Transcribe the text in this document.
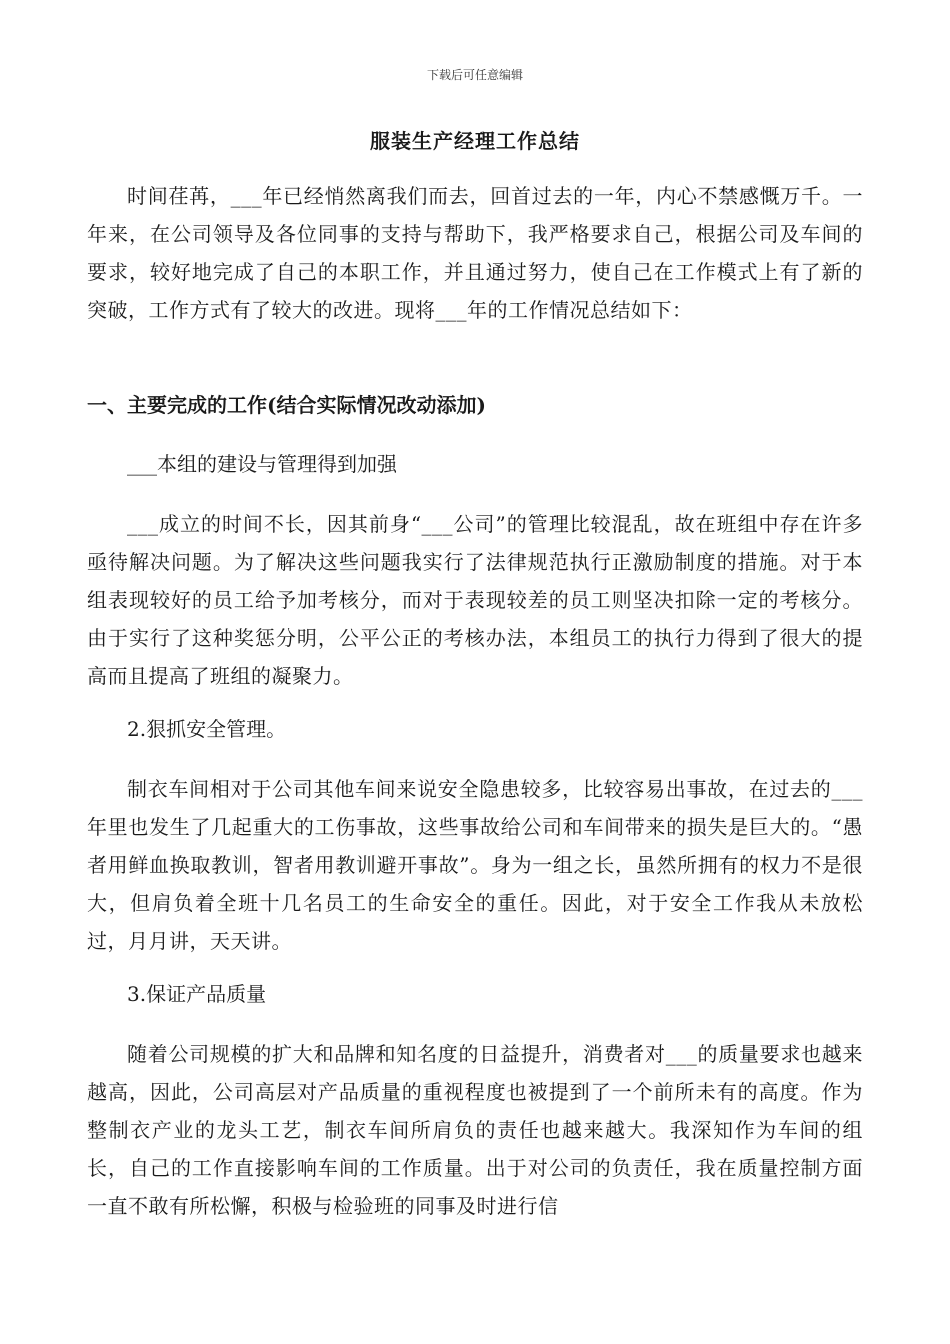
下载后可任意编辑
服装生产经理工作总结

时间荏苒，___年已经悄然离我们而去，回首过去的一年，内心不禁感慨万千。一年来，在公司领导及各位同事的支持与帮助下，我严格要求自己，根据公司及车间的要求，较好地完成了自己的本职工作，并且通过努力，使自己在工作模式上有了新的突破，工作方式有了较大的改进。现将___年的工作情况总结如下：

一、主要完成的工作(结合实际情况改动添加)

___本组的建设与管理得到加强

___成立的时间不长，因其前身“___公司”的管理比较混乱，故在班组中存在许多亟待解决问题。为了解决这些问题我实行了法律规范执行正激励制度的措施。对于本组表现较好的员工给予加考核分，而对于表现较差的员工则坚决扣除一定的考核分。由于实行了这种奖惩分明，公平公正的考核办法，本组员工的执行力得到了很大的提高而且提高了班组的凝聚力。

2.狠抓安全管理。

制衣车间相对于公司其他车间来说安全隐患较多，比较容易出事故，在过去的___年里也发生了几起重大的工伤事故，这些事故给公司和车间带来的损失是巨大的。“愚者用鲜血换取教训，智者用教训避开事故”。身为一组之长，虽然所拥有的权力不是很大，但肩负着全班十几名员工的生命安全的重任。因此，对于安全工作我从未放松过，月月讲，天天讲。

3.保证产品质量

随着公司规模的扩大和品牌和知名度的日益提升，消费者对___的质量要求也越来越高，因此，公司高层对产品质量的重视程度也被提到了一个前所未有的高度。作为整制衣产业的龙头工艺，制衣车间所肩负的责任也越来越大。我深知作为车间的组长，自己的工作直接影响车间的工作质量。出于对公司的负责任，我在质量控制方面一直不敢有所松懈，积极与检验班的同事及时进行信
